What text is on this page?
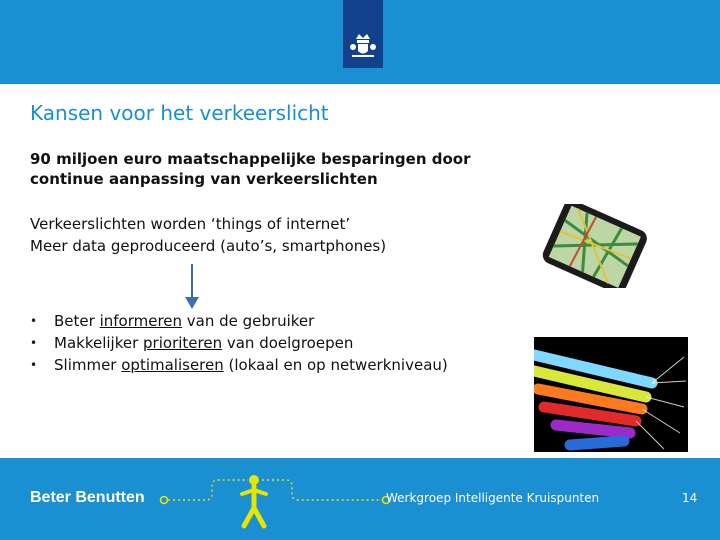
Kansen voor het verkeerslicht
90 miljoen euro maatschappelijke besparingen door
continue aanpassing van verkeerslichten
Verkeerslichten worden ‘things of internet’
Meer data geproduceerd (auto’s, smartphones)
• Beter informeren van de gebruiker
• Makkelijker prioriteren van doelgroepen
• Slimmer optimaliseren (lokaal en op netwerkniveau)
Beter Benutten	Werkgroep Intelligente Kruispunten	14
